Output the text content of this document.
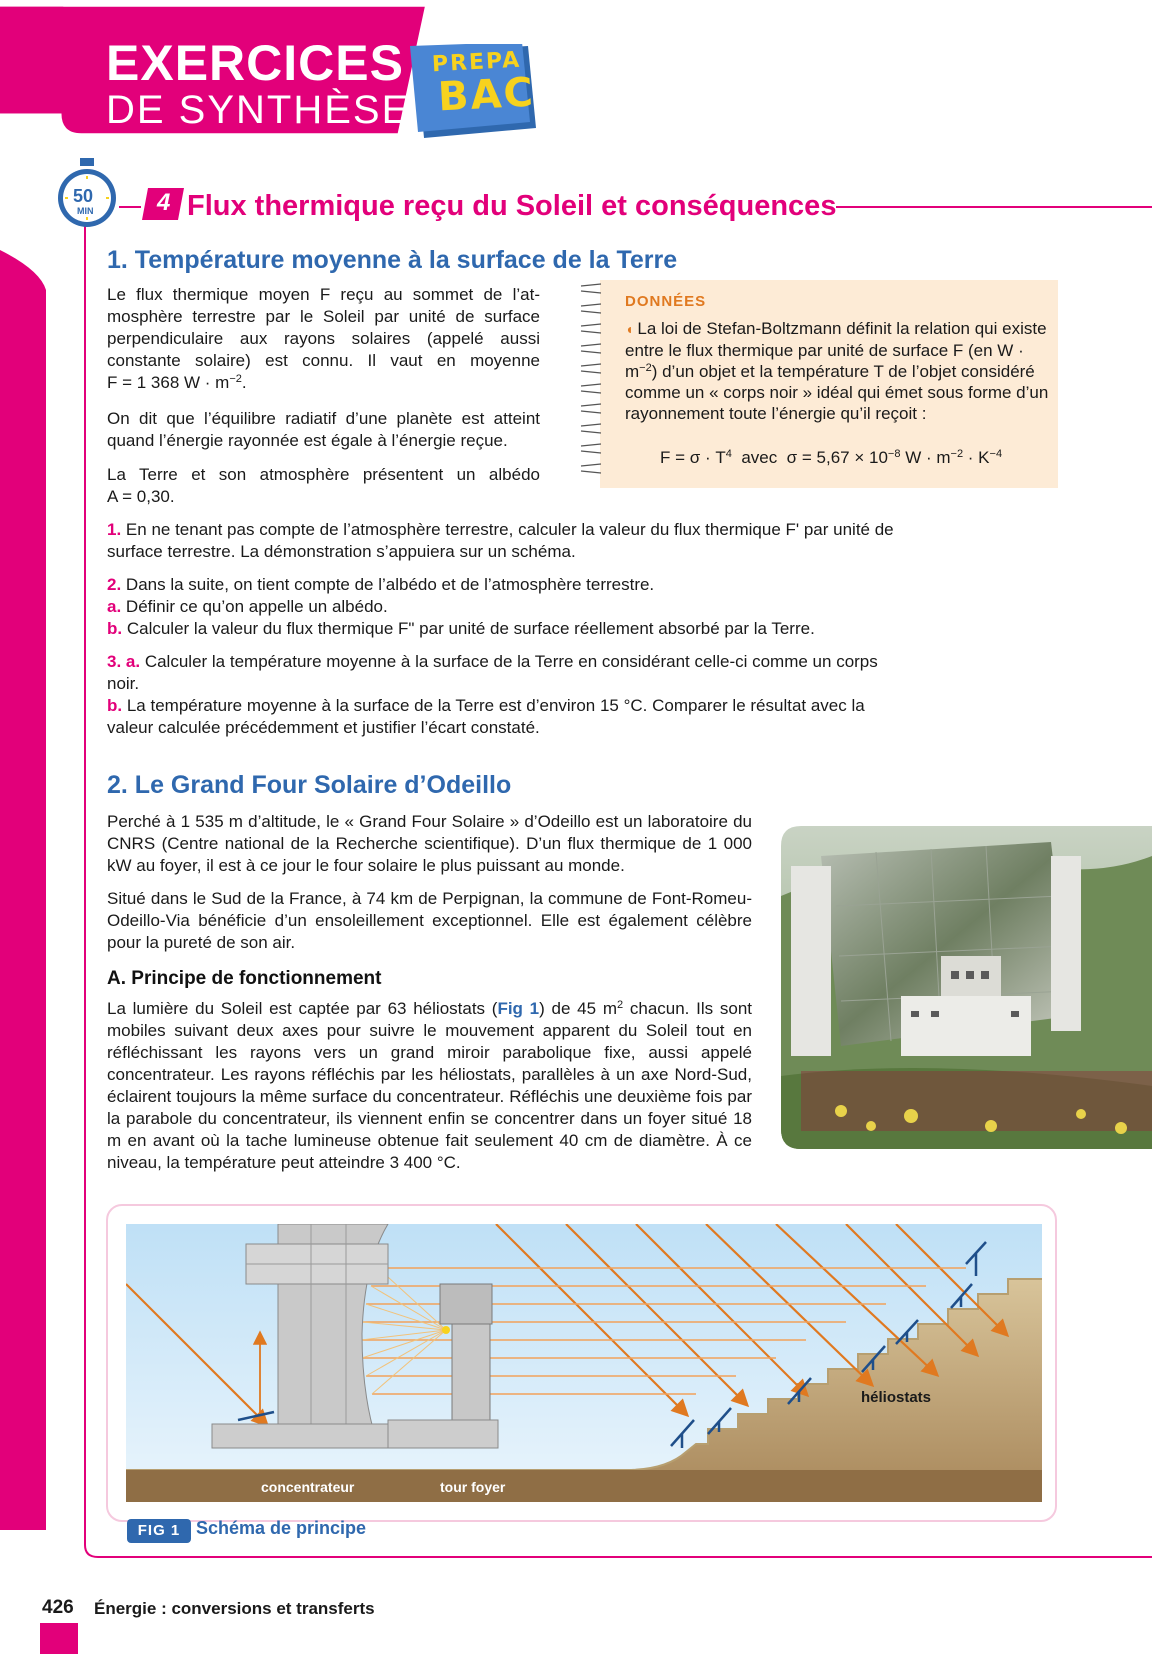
EXERCICES
DE SYNTHÈSE
PREPA
BAC
50
MIN	4 Flux thermique reçu du Soleil et conséquences
1. Température moyenne à la surface de la Terre
Le flux thermique moyen F reçu au sommet de l’at-
mosphère terrestre par le Soleil par unité de surface
perpendiculaire aux rayons solaires (appelé aussi
constante solaire) est connu. Il vaut en moyenne
F = 1 368 $W \cdot m^{-2}$.
On dit que l’équilibre radiatif d’une planète est atteint quand l’énergie rayonnée est égale à l’énergie reçue.
La Terre et son atmosphère présentent un albédo
A = 0,30.
DONNÉES
◖ La loi de Stefan-Boltzmann définit la relation qui existe entre le flux thermique par unité de surface F (en $W \cdot m^{-2}$) d’un objet et la température T de l’objet considéré comme un « corps noir » idéal qui émet sous forme d’un rayonnement toute l’énergie qu’il reçoit :
$F = \sigma \cdot T^4$  avec  $\sigma = 5,67 \times 10^{-8}$ $W \cdot m^{-2} \cdot K^{-4}$
1. En ne tenant pas compte de l’atmosphère terrestre, calculer la valeur du flux thermique F' par unité de surface terrestre. La démonstration s’appuiera sur un schéma.
2. Dans la suite, on tient compte de l’albédo et de l’atmosphère terrestre.
a. Définir ce qu’on appelle un albédo.
b. Calculer la valeur du flux thermique F" par unité de surface réellement absorbé par la Terre.
3. a. Calculer la température moyenne à la surface de la Terre en considérant celle-ci comme un corps noir.
b. La température moyenne à la surface de la Terre est d’environ 15 °C. Comparer le résultat avec la valeur calculée précédemment et justifier l’écart constaté.
2. Le Grand Four Solaire d’Odeillo
Perché à 1 535 m d’altitude, le « Grand Four Solaire » d’Odeillo est un laboratoire du CNRS (Centre national de la Recherche scientifique). D’un flux thermique de 1 000 kW au foyer, il est à ce jour le four solaire le plus puissant au monde.
Situé dans le Sud de la France, à 74 km de Perpignan, la commune de Font-Romeu-Odeillo-Via bénéficie d’un ensoleillement exceptionnel. Elle est également célèbre pour la pureté de son air.
A. Principe de fonctionnement
La lumière du Soleil est captée par 63 héliostats (Fig 1) de 45 $m^2$ chacun. Ils sont mobiles suivant deux axes pour suivre le mouvement apparent du Soleil tout en réfléchissant les rayons vers un grand miroir parabolique fixe, aussi appelé concentrateur. Les rayons réfléchis par les héliostats, parallèles à un axe Nord-Sud, éclairent toujours la même surface du concentrateur. Réfléchis une deuxième fois par la parabole du concentrateur, ils viennent enfin se concentrer dans un foyer situé 18 m en avant où la tache lumineuse obtenue fait seulement 40 cm de diamètre. À ce niveau, la température peut atteindre 3 400 °C.
concentrateur	tour foyer
héliostats
FIG 1 Schéma de principe
426 Énergie : conversions et transferts
